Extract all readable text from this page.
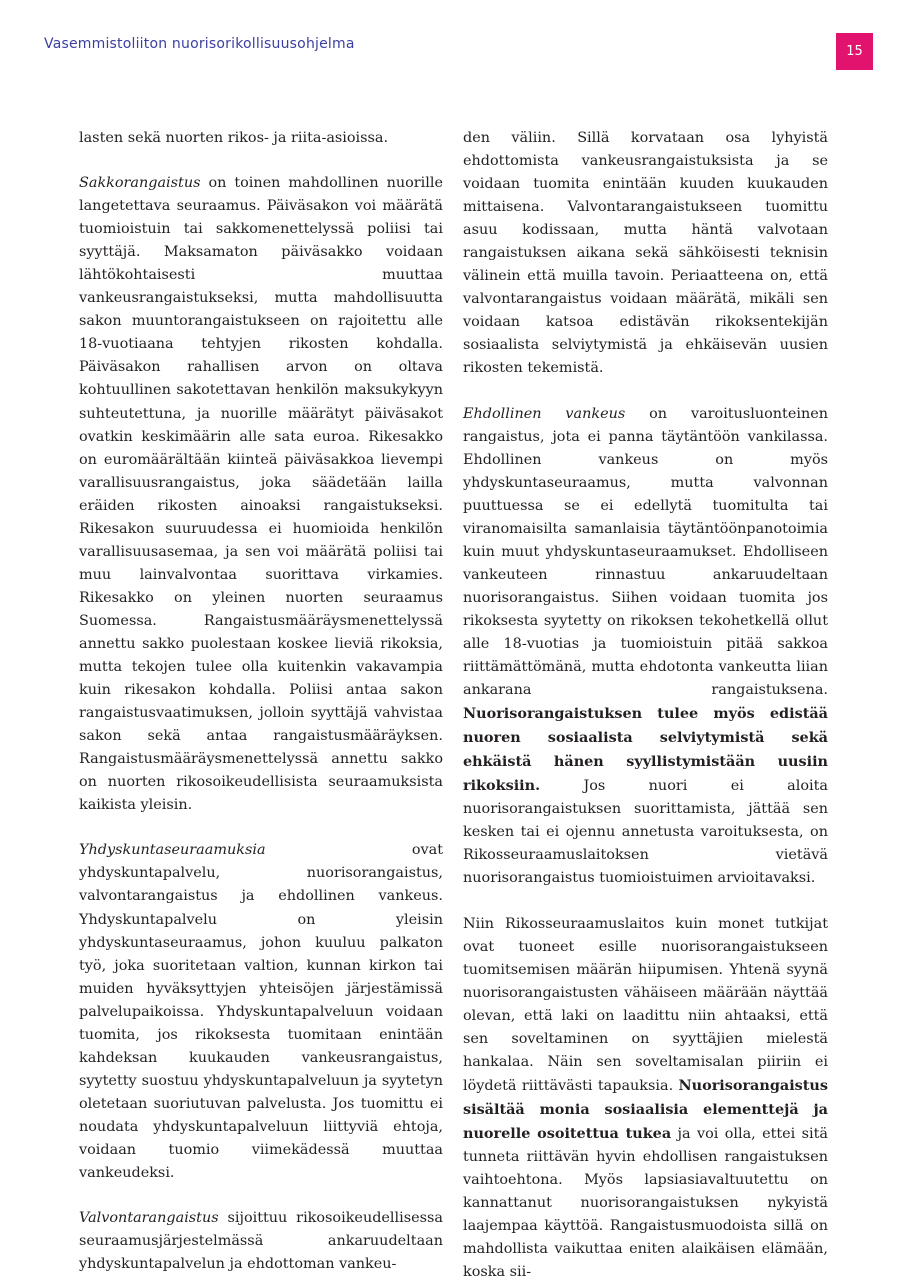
Vasemmistoliiton nuorisorikollisuusohjelma	15

lasten sekä nuorten rikos- ja riita-asioissa.

Sakkorangaistus on toinen mahdollinen nuorille langetettava seuraamus. Päiväsakon voi määrätä tuomioistuin tai sakkomenettelyssä poliisi tai syyttäjä. Maksamaton päiväsakko voidaan lähtökohtaisesti muuttaa vankeusrangaistukseksi, mutta mahdollisuutta sakon muuntorangaistukseen on rajoitettu alle 18-vuotiaana tehtyjen rikosten kohdalla. Päiväsakon rahallisen arvon on oltava kohtuullinen sakotettavan henkilön maksukykyyn suhteutettuna, ja nuorille määrätyt päiväsakot ovatkin keskimäärin alle sata euroa. Rikesakko on euromäärältään kiinteä päiväsakkoa lievempi varallisuusrangaistus, joka säädetään lailla eräiden rikosten ainoaksi rangaistukseksi. Rikesakon suuruudessa ei huomioida henkilön varallisuusasemaa, ja sen voi määrätä poliisi tai muu lainvalvontaa suorittava virkamies. Rikesakko on yleinen nuorten seuraamus Suomessa. Rangaistusmääräysmenettelyssä annettu sakko puolestaan koskee lieviä rikoksia, mutta tekojen tulee olla kuitenkin vakavampia kuin rikesakon kohdalla. Poliisi antaa sakon rangaistusvaatimuksen, jolloin syyttäjä vahvistaa sakon sekä antaa rangaistusmääräyksen. Rangaistusmääräysmenettelyssä annettu sakko on nuorten rikosoikeudellisista seuraamuksista kaikista yleisin.

Yhdyskuntaseuraamuksia ovat yhdyskuntapalvelu, nuorisorangaistus, valvontarangaistus ja ehdollinen vankeus. Yhdyskuntapalvelu on yleisin yhdyskuntaseuraamus, johon kuuluu palkaton työ, joka suoritetaan valtion, kunnan kirkon tai muiden hyväksyttyjen yhteisöjen järjestämissä palvelupaikoissa. Yhdyskuntapalveluun voidaan tuomita, jos rikoksesta tuomitaan enintään kahdeksan kuukauden vankeusrangaistus, syytetty suostuu yhdyskuntapalveluun ja syytetyn oletetaan suoriutuvan palvelusta. Jos tuomittu ei noudata yhdyskuntapalveluun liittyviä ehtoja, voidaan tuomio viimekädessä muuttaa vankeudeksi.

Valvontarangaistus sijoittuu rikosoikeudellisessa seuraamusjärjestelmässä ankaruudeltaan yhdyskuntapalvelun ja ehdottoman vankeu-

den väliin. Sillä korvataan osa lyhyistä ehdottomista vankeusrangaistuksista ja se voidaan tuomita enintään kuuden kuukauden mittaisena. Valvontarangaistukseen tuomittu asuu kodissaan, mutta häntä valvotaan rangaistuksen aikana sekä sähköisesti teknisin välinein että muilla tavoin. Periaatteena on, että valvontarangaistus voidaan määrätä, mikäli sen voidaan katsoa edistävän rikoksentekijän sosiaalista selviytymistä ja ehkäisevän uusien rikosten tekemistä.

Ehdollinen vankeus on varoitusluonteinen rangaistus, jota ei panna täytäntöön vankilassa. Ehdollinen vankeus on myös yhdyskuntaseuraamus, mutta valvonnan puuttuessa se ei edellytä tuomitulta tai viranomaisilta samanlaisia täytäntöönpanotoimia kuin muut yhdyskuntaseuraamukset. Ehdolliseen vankeuteen rinnastuu ankaruudeltaan nuorisorangaistus. Siihen voidaan tuomita jos rikoksesta syytetty on rikoksen tekohetkellä ollut alle 18-vuotias ja tuomioistuin pitää sakkoa riittämättömänä, mutta ehdotonta vankeutta liian ankarana rangaistuksena. Nuorisorangaistuksen tulee myös edistää nuoren sosiaalista selviytymistä sekä ehkäistä hänen syyllistymistään uusiin rikoksiin. Jos nuori ei aloita nuorisorangaistuksen suorittamista, jättää sen kesken tai ei ojennu annetusta varoituksesta, on Rikosseuraamuslaitoksen vietävä nuorisorangaistus tuomioistuimen arvioitavaksi.

Niin Rikosseuraamuslaitos kuin monet tutkijat ovat tuoneet esille nuorisorangaistukseen tuomitsemisen määrän hiipumisen. Yhtenä syynä nuorisorangaistusten vähäiseen määrään näyttää olevan, että laki on laadittu niin ahtaaksi, että sen soveltaminen on syyttäjien mielestä hankalaa. Näin sen soveltamisalan piiriin ei löydetä riittävästi tapauksia. Nuorisorangaistus sisältää monia sosiaalisia elementtejä ja nuorelle osoitettua tukea ja voi olla, ettei sitä tunneta riittävän hyvin ehdollisen rangaistuksen vaihtoehtona. Myös lapsiasiavaltuutettu on kannattanut nuorisorangaistuksen nykyistä laajempaa käyttöä. Rangaistusmuodoista sillä on mahdollista vaikuttaa eniten alaikäisen elämään, koska sii-
